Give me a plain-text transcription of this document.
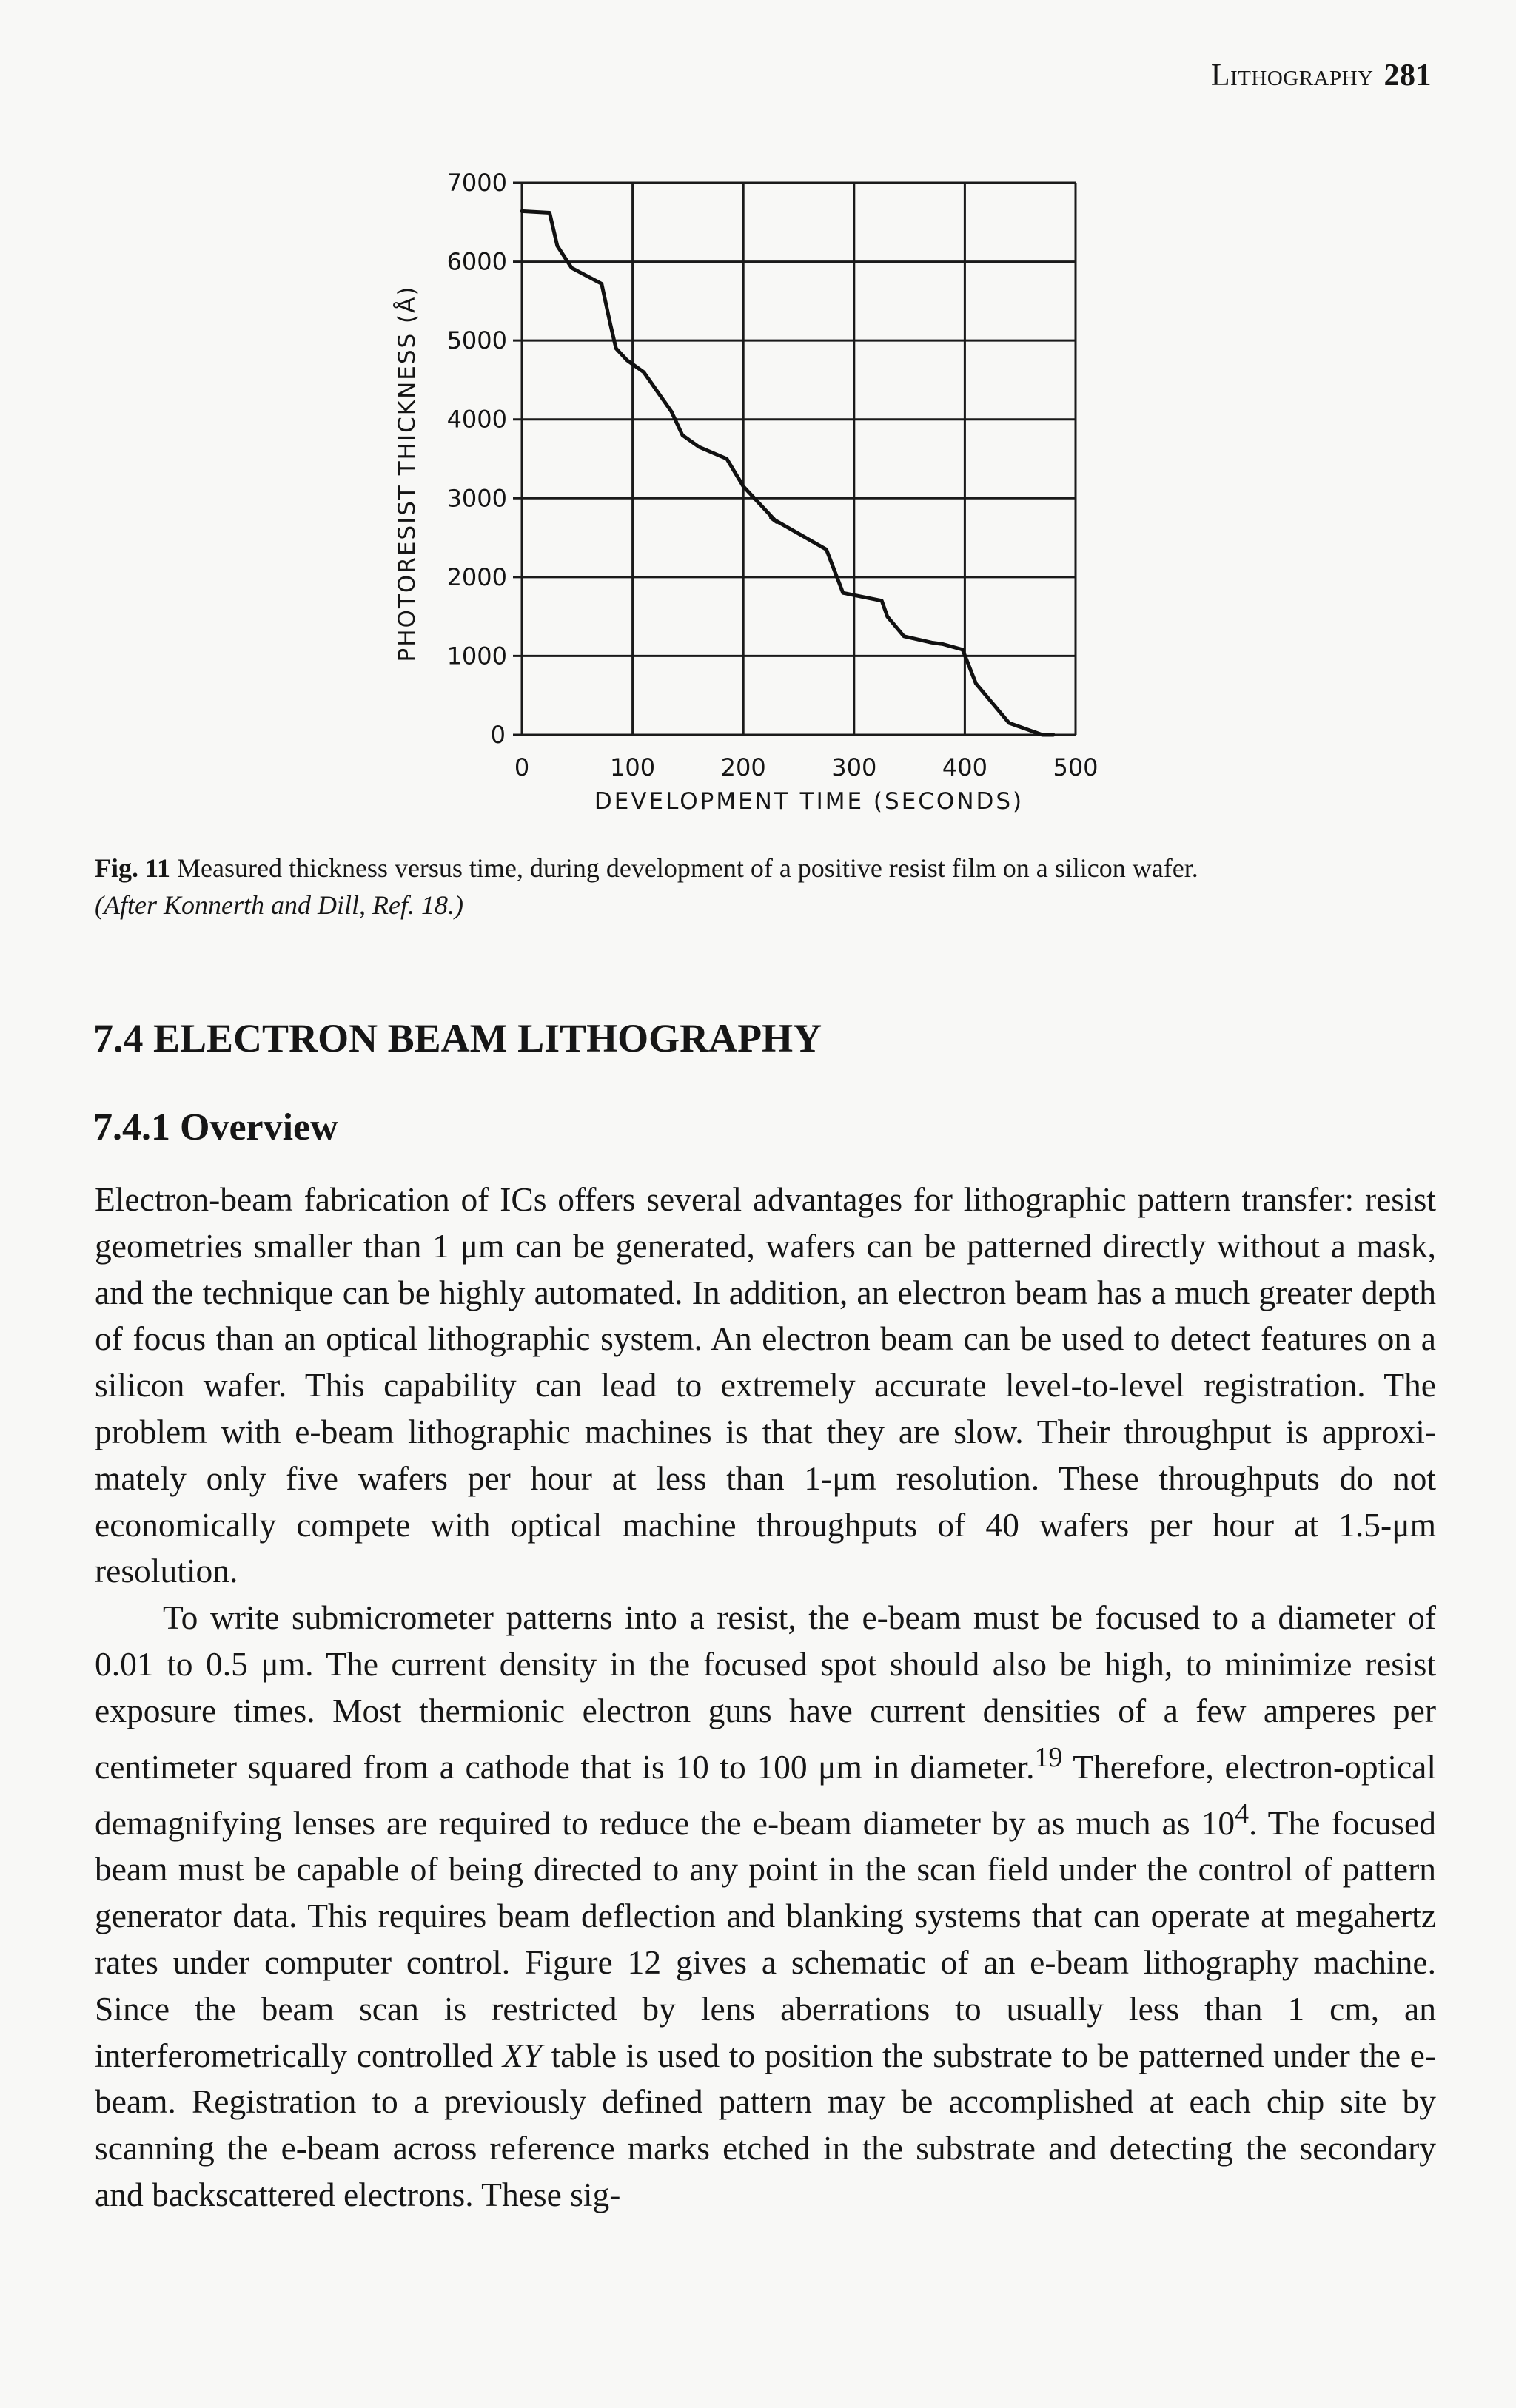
Lithography 281
0	100	200	300	400	500
0
1000
2000
3000
4000
5000
6000
7000
PHOTORESIST THICKNESS (Å)
DEVELOPMENT TIME (SECONDS)
Fig. 11 Measured thickness versus time, during development of a positive resist film on a silicon wafer.
(After Konnerth and Dill, Ref. 18.)
7.4 ELECTRON BEAM LITHOGRAPHY
7.4.1 Overview

Electron-beam fabrication of ICs offers several advantages for lithographic pattern transfer: resist geometries smaller than 1 μm can be generated, wafers can be patterned directly without a mask, and the technique can be highly automated. In addition, an electron beam has a much greater depth of focus than an optical lithographic system. An electron beam can be used to detect features on a silicon wafer. This capability can lead to extremely accurate level-to-level registration. The problem with e-beam lithographic machines is that they are slow. Their throughput is approximately only five wafers per hour at less than 1-μm resolution. These throughputs do not economically compete with optical machine throughputs of 40 wafers per hour at 1.5-μm resolution.

To write submicrometer patterns into a resist, the e-beam must be focused to a diameter of 0.01 to 0.5 μm. The current density in the focused spot should also be high, to minimize resist exposure times. Most thermionic electron guns have current densities of a few amperes per centimeter squared from a cathode that is 10 to 100 μm in diameter.$^{19}$ Therefore, electron-optical demagnifying lenses are required to reduce the e-beam diameter by as much as $10^4$. The focused beam must be capable of being directed to any point in the scan field under the control of pattern generator data. This requires beam deflection and blanking systems that can operate at megahertz rates under computer control. Figure 12 gives a schematic of an e-beam lithography machine. Since the beam scan is restricted by lens aberrations to usually less than 1 cm, an interferometrically controlled XY table is used to position the substrate to be patterned under the e-beam. Registration to a previously defined pattern may be accomplished at each chip site by scanning the e-beam across reference marks etched in the substrate and detecting the secondary and backscattered electrons. These sig-
